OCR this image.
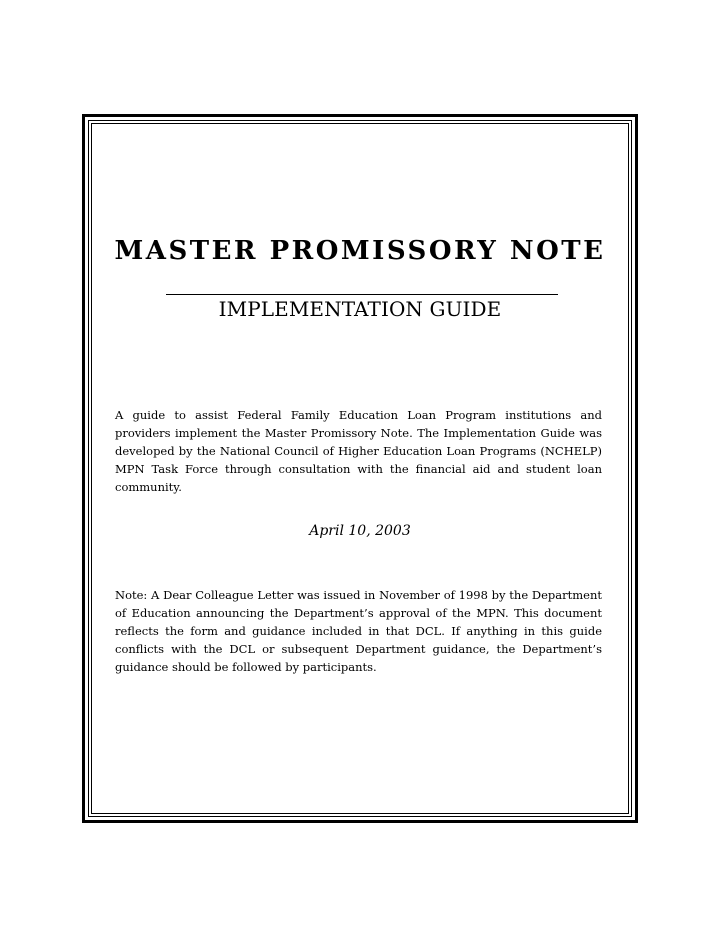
MASTER PROMISSORY NOTE
IMPLEMENTATION GUIDE

A guide to assist Federal Family Education Loan Program institutions and providers implement the Master Promissory Note. The Implementation Guide was developed by the National Council of Higher Education Loan Programs (NCHELP) MPN Task Force through consultation with the financial aid and student loan community.

April 10, 2003

Note: A Dear Colleague Letter was issued in November of 1998 by the Department of Education announcing the Department’s approval of the MPN. This document reflects the form and guidance included in that DCL. If anything in this guide conflicts with the DCL or subsequent Department guidance, the Department’s guidance should be followed by participants.
